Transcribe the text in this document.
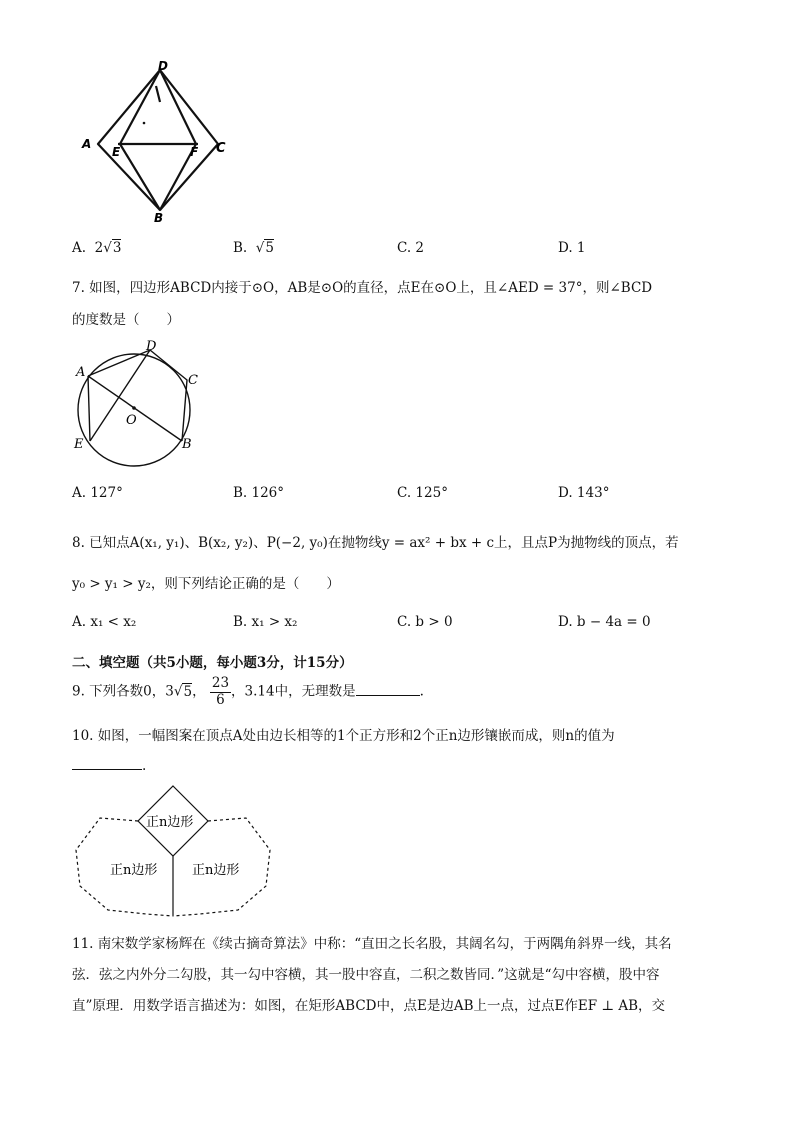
D
A
E	F C
B
A. 2√3	B.  √5	C. 2	D. 1
7. 如图，四边形ABCD内接于⊙O，AB是⊙O的直径，点E在⊙O上，且∠AED = 37°，则∠BCD
的度数是（　　）
A
D
C
O
E	B
A. 127°	B. 126°	C. 125°	D. 143°
8. 已知点A(x₁, y₁)、B(x₂, y₂)、P(−2, y₀)在抛物线y = ax² + bx + c上，且点P为抛物线的顶点，若
y₀ > y₁ > y₂，则下列结论正确的是（　　）
A. x₁ < x₂	B. x₁ > x₂	C. b > 0	D. b − 4a = 0
二、填空题（共5小题，每小题3分，计15分）
9. 下列各数0，3√5， $\frac{23}{6}$ ，3.14中，无理数是	.
10. 如图，一幅图案在顶点A处由边长相等的1个正方形和2个正n边形镶嵌而成，则n的值为
.
正n边形
正n边形	正n边形
11. 南宋数学家杨辉在《续古摘奇算法》中称：“直田之长名股，其阔名勾，于两隅角斜界一线，其名
弦．弦之内外分二勾股，其一勾中容横，其一股中容直，二积之数皆同．”这就是“勾中容横，股中容
直”原理．用数学语言描述为：如图，在矩形ABCD中，点E是边AB上一点，过点E作EF ⊥ AB，交
